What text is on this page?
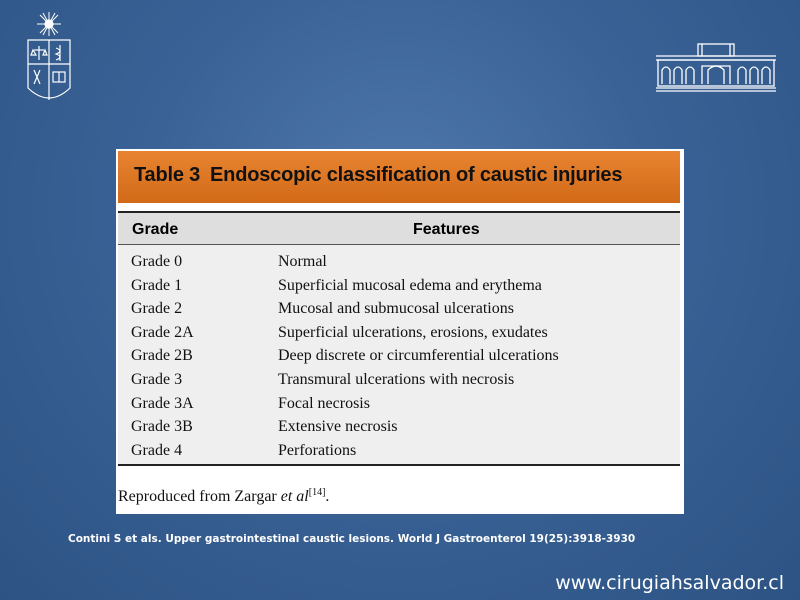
Table 3 Endoscopic classification of caustic injuries
Grade	Features
Grade 0	Normal
Grade 1	Superficial mucosal edema and erythema
Grade 2	Mucosal and submucosal ulcerations
Grade 2A	Superficial ulcerations, erosions, exudates
Grade 2B	Deep discrete or circumferential ulcerations
Grade 3	Transmural ulcerations with necrosis
Grade 3A	Focal necrosis
Grade 3B	Extensive necrosis
Grade 4	Perforations
Reproduced from Zargar et al[14].
Contini S et als. Upper gastrointestinal caustic lesions. World J Gastroenterol 19(25):3918-3930
www.cirugiahsalvador.cl
